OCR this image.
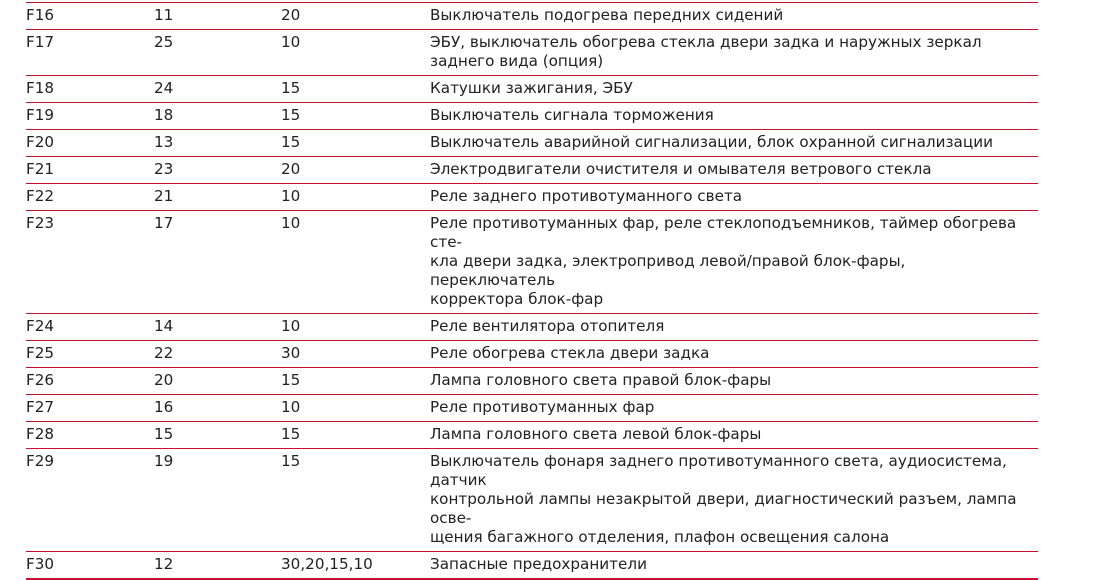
F16	11	20	Выключатель подогрева передних сидений
F17	25	10	ЭБУ, выключатель обогрева стекла двери задка и наружных зеркал заднего вида (опция)
F18	24	15	Катушки зажигания, ЭБУ
F19	18	15	Выключатель сигнала торможения
F20	13	15	Выключатель аварийной сигнализации, блок охранной сигнализации
F21	23	20	Электродвигатели очистителя и омывателя ветрового стекла
F22	21	10	Реле заднего противотуманного света
F23	17	10	Реле противотуманных фар, реле стеклоподъемников, таймер обогрева сте-
кла двери задка, электропривод левой/правой блок-фары, переключатель
корректора блок-фар
F24	14	10	Реле вентилятора отопителя
F25	22	30	Реле обогрева стекла двери задка
F26	20	15	Лампа головного света правой блок-фары
F27	16	10	Реле противотуманных фар
F28	15	15	Лампа головного света левой блок-фары
F29	19	15	Выключатель фонаря заднего противотуманного света, аудиосистема, датчик
контрольной лампы незакрытой двери, диагностический разъем, лампа осве-
щения багажного отделения, плафон освещения салона
F30	12	30,20,15,10	Запасные предохранители
